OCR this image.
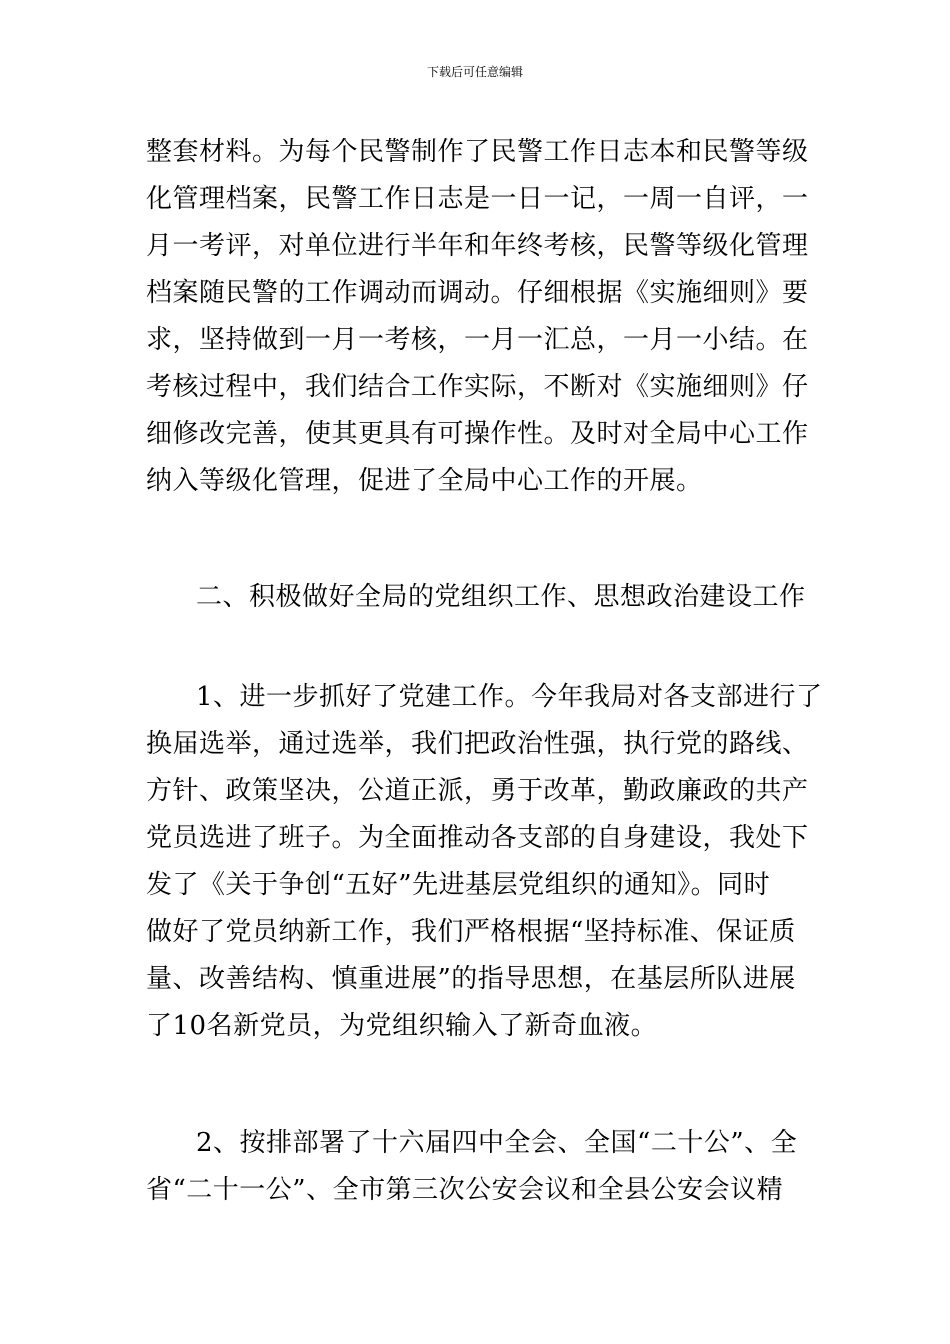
下载后可任意编辑
整套材料。为每个民警制作了民警工作日志本和民警等级
化管理档案，民警工作日志是一日一记，一周一自评，一
月一考评，对单位进行半年和年终考核，民警等级化管理
档案随民警的工作调动而调动。仔细根据《实施细则》要
求，坚持做到一月一考核，一月一汇总，一月一小结。在
考核过程中，我们结合工作实际，不断对《实施细则》仔
细修改完善，使其更具有可操作性。及时对全局中心工作
纳入等级化管理，促进了全局中心工作的开展。
二、积极做好全局的党组织工作、思想政治建设工作
1、进一步抓好了党建工作。今年我局对各支部进行了
换届选举，通过选举，我们把政治性强，执行党的路线、
方针、政策坚决，公道正派，勇于改革，勤政廉政的共产
党员选进了班子。为全面推动各支部的自身建设，我处下
发了《关于争创“五好”先进基层党组织的通知》。同时
做好了党员纳新工作，我们严格根据“坚持标准、保证质
量、改善结构、慎重进展”的指导思想，在基层所队进展
了10名新党员，为党组织输入了新奇血液。
2、按排部署了十六届四中全会、全国“二十公”、全
省“二十一公”、全市第三次公安会议和全县公安会议精
